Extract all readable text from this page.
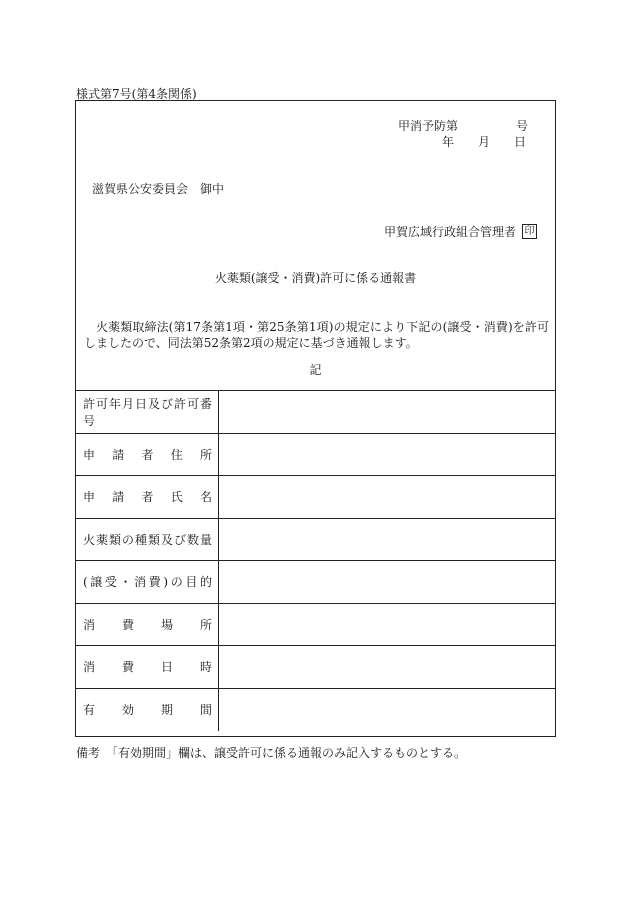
様式第7号(第4条関係)
甲消予防第	号
年	月	日
滋賀県公安委員会　御中
甲賀広域行政組合管理者 印
火薬類(譲受・消費)許可に係る通報書
火薬類取締法(第17条第1項・第25条第1項)の規定により下記の(譲受・消費)を許可しましたので、同法第52条第2項の規定に基づき通報します。
記
許可年月日及び許可番号
申請者住所
申請者氏名
火薬類の種類及び数量
(譲受・消費)の目的
消費場所
消費日時
有効期間
備考　「有効期間」欄は、譲受許可に係る通報のみ記入するものとする。
